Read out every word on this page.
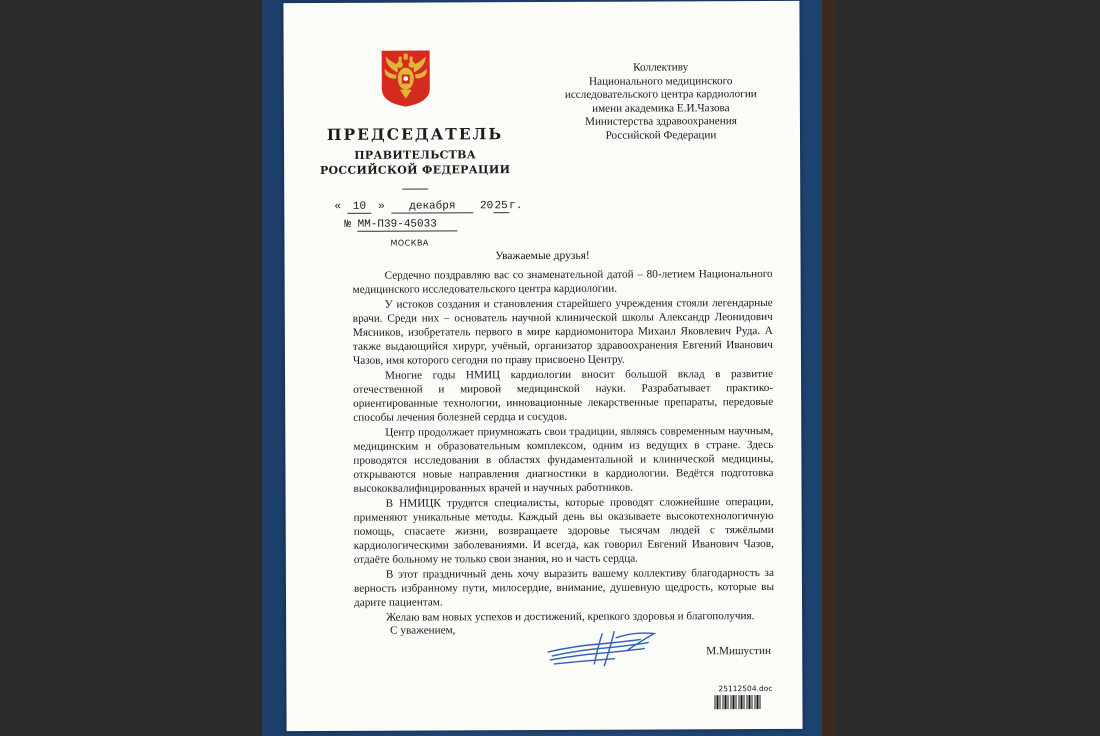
ПРЕДСЕДАТЕЛЬ
ПРАВИТЕЛЬСТВА
РОССИЙСКОЙ ФЕДЕРАЦИИ
« 10 » декабря 2025г.
№ ММ-П39-45033
МОСКВА
Коллективу
Национального медицинского
исследовательского центра кардиологии
имени академика Е.И.Чазова
Министерства здравоохранения
Российской Федерации
Уважаемые друзья!

Сердечно поздравляю вас со знаменательной датой – 80-летием Национального медицинского исследовательского центра кардиологии.

У истоков создания и становления старейшего учреждения стояли легендарные врачи. Среди них – основатель научной клинической школы Александр Леонидович Мясников, изобретатель первого в мире кардиомонитора Михаил Яковлевич Руда. А также выдающийся хирург, учёный, организатор здравоохранения Евгений Иванович Чазов, имя которого сегодня по праву присвоено Центру.

Многие годы НМИЦ кардиологии вносит большой вклад в развитие отечественной и мировой медицинской науки. Разрабатывает практико-ориентированные технологии, инновационные лекарственные препараты, передовые способы лечения болезней сердца и сосудов.

Центр продолжает приумножать свои традиции, являясь современным научным, медицинским и образовательным комплексом, одним из ведущих в стране. Здесь проводятся исследования в областях фундаментальной и клинической медицины, открываются новые направления диагностики в кардиологии. Ведётся подготовка высококвалифицированных врачей и научных работников.

В НМИЦК трудятся специалисты, которые проводят сложнейшие операции, применяют уникальные методы. Каждый день вы оказываете высокотехнологичную помощь, спасаете жизни, возвращаете здоровье тысячам людей с тяжёлыми кардиологическими заболеваниями. И всегда, как говорил Евгений Иванович Чазов, отдаёте больному не только свои знания, но и часть сердца.

В этот праздничный день хочу выразить вашему коллективу благодарность за верность избранному пути, милосердие, внимание, душевную щедрость, которые вы дарите пациентам.

Желаю вам новых успехов и достижений, крепкого здоровья и благополучия.

С уважением,
М.Мишустин
25112504.doc
